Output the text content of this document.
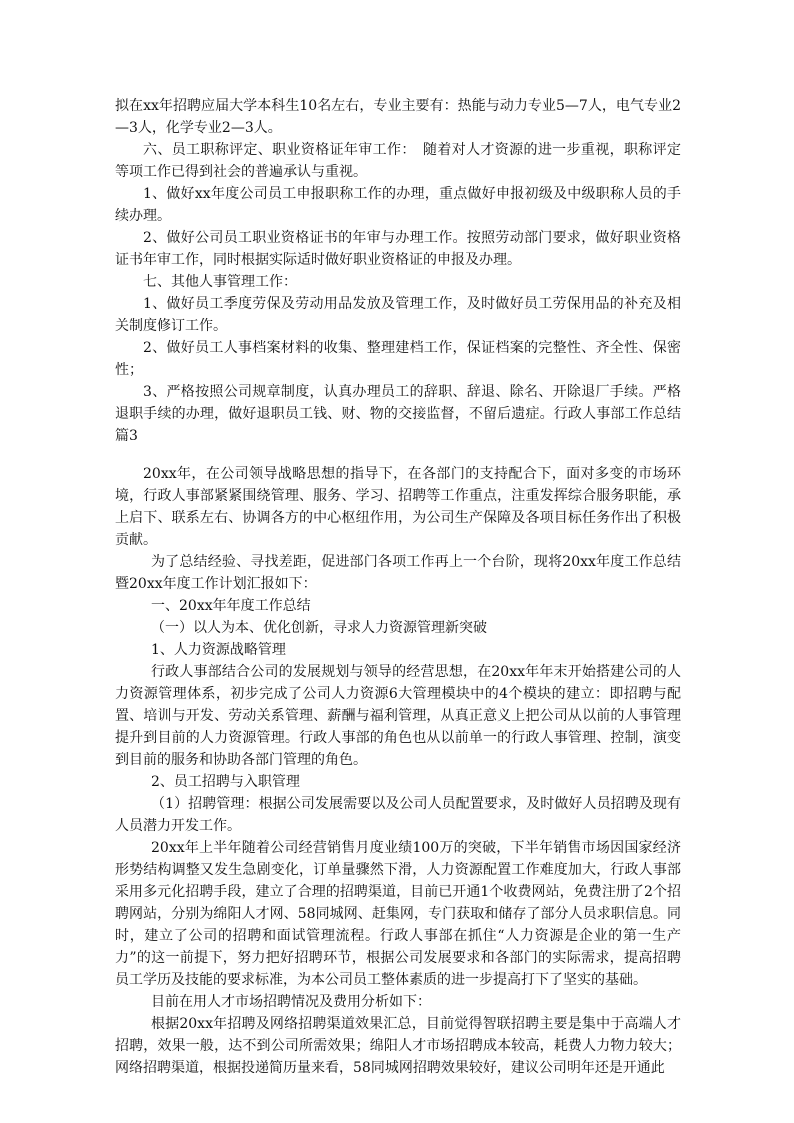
拟在xx年招聘应届大学本科生10名左右，专业主要有：热能与动力专业5—7人，电气专业2—3人，化学专业2—3人。

六、员工职称评定、职业资格证年审工作：　随着对人才资源的进一步重视，职称评定等项工作已得到社会的普遍承认与重视。

1、做好xx年度公司员工申报职称工作的办理，重点做好申报初级及中级职称人员的手续办理。

2、做好公司员工职业资格证书的年审与办理工作。按照劳动部门要求，做好职业资格证书年审工作，同时根据实际适时做好职业资格证的申报及办理。

七、其他人事管理工作：

1、做好员工季度劳保及劳动用品发放及管理工作，及时做好员工劳保用品的补充及相关制度修订工作。

2、做好员工人事档案材料的收集、整理建档工作，保证档案的完整性、齐全性、保密性；

3、严格按照公司规章制度，认真办理员工的辞职、辞退、除名、开除退厂手续。严格退职手续的办理，做好退职员工钱、财、物的交接监督，不留后遗症。行政人事部工作总结篇3

20xx年，在公司领导战略思想的指导下，在各部门的支持配合下，面对多变的市场环境，行政人事部紧紧围绕管理、服务、学习、招聘等工作重点，注重发挥综合服务职能，承上启下、联系左右、协调各方的中心枢纽作用，为公司生产保障及各项目标任务作出了积极贡献。

为了总结经验、寻找差距，促进部门各项工作再上一个台阶，现将20xx年度工作总结暨20xx年度工作计划汇报如下：

一、20xx年年度工作总结

（一）以人为本、优化创新，寻求人力资源管理新突破

1、人力资源战略管理

行政人事部结合公司的发展规划与领导的经营思想，在20xx年年末开始搭建公司的人力资源管理体系，初步完成了公司人力资源6大管理模块中的4个模块的建立：即招聘与配置、培训与开发、劳动关系管理、薪酬与福利管理，从真正意义上把公司从以前的人事管理提升到目前的人力资源管理。行政人事部的角色也从以前单一的行政人事管理、控制，演变到目前的服务和协助各部门管理的角色。

2、员工招聘与入职管理

（1）招聘管理：根据公司发展需要以及公司人员配置要求，及时做好人员招聘及现有人员潜力开发工作。

20xx年上半年随着公司经营销售月度业绩100万的突破，下半年销售市场因国家经济形势结构调整又发生急剧变化，订单量骤然下滑，人力资源配置工作难度加大，行政人事部采用多元化招聘手段，建立了合理的招聘渠道，目前已开通1个收费网站，免费注册了2个招聘网站，分别为绵阳人才网、58同城网、赶集网，专门获取和储存了部分人员求职信息。同时，建立了公司的招聘和面试管理流程。行政人事部在抓住“人力资源是企业的第一生产力”的这一前提下，努力把好招聘环节，根据公司发展要求和各部门的实际需求，提高招聘员工学历及技能的要求标准，为本公司员工整体素质的进一步提高打下了坚实的基础。

目前在用人才市场招聘情况及费用分析如下：

根据20xx年招聘及网络招聘渠道效果汇总，目前觉得智联招聘主要是集中于高端人才招聘，效果一般，达不到公司所需效果；绵阳人才市场招聘成本较高，耗费人力物力较大；网络招聘渠道，根据投递简历量来看，58同城网招聘效果较好，建议公司明年还是开通此
